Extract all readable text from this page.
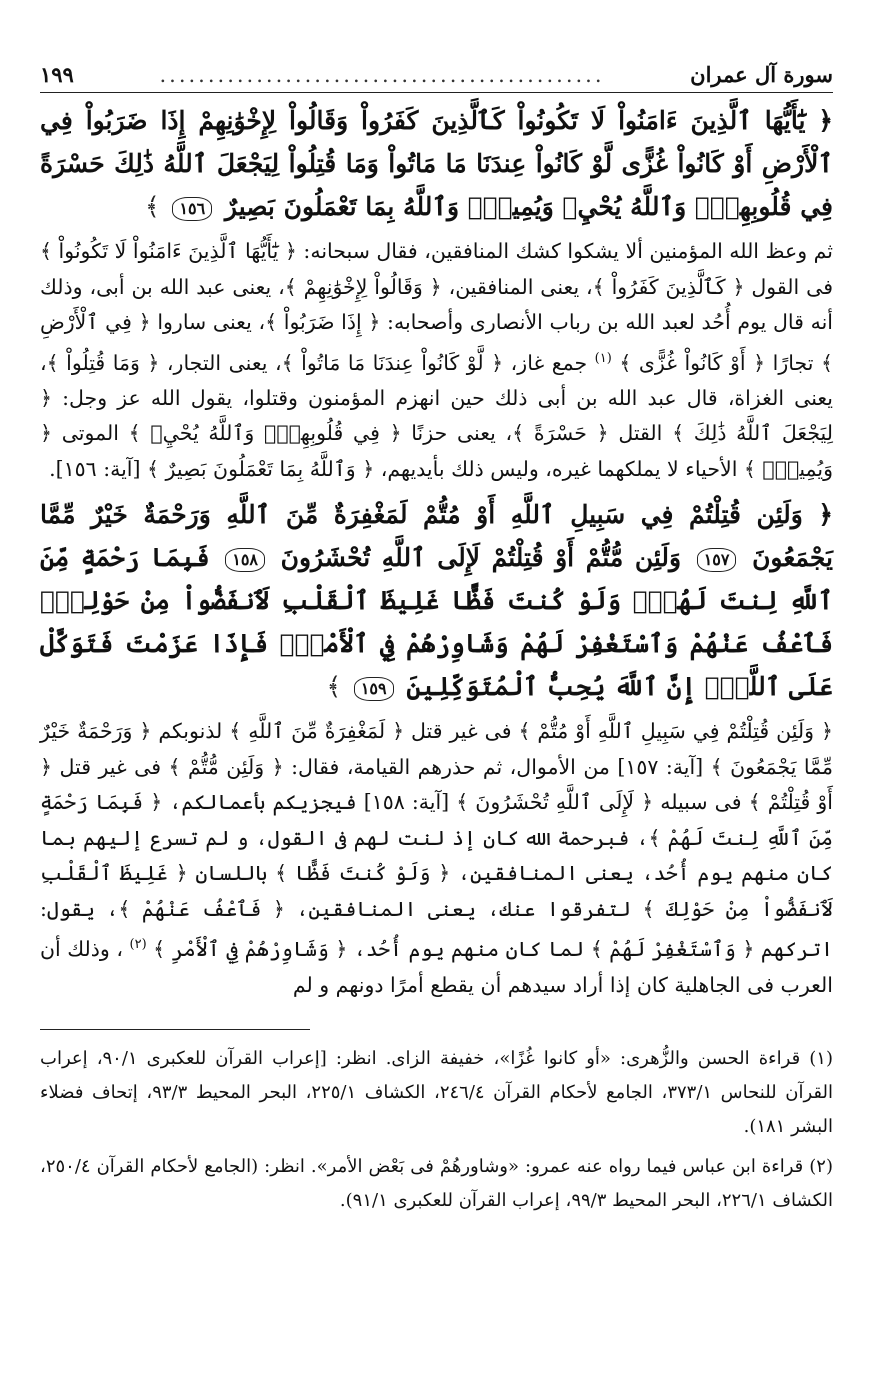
سورة آل عمران
..............................................
١٩٩
﴿ يَٰٓأَيُّهَا ٱلَّذِينَ ءَامَنُواْ لَا تَكُونُواْ كَٱلَّذِينَ كَفَرُواْ وَقَالُواْ لِإِخْوَٰنِهِمْ إِذَا ضَرَبُواْ فِي ٱلْأَرْضِ أَوْ كَانُواْ غُزًّى لَّوْ كَانُواْ عِندَنَا مَا مَاتُواْ وَمَا قُتِلُواْ لِيَجْعَلَ ٱللَّهُ ذَٰلِكَ حَسْرَةً فِي قُلُوبِهِمْۗ وَٱللَّهُ يُحْيِۦ وَيُمِيتُۗ وَٱللَّهُ بِمَا تَعْمَلُونَ بَصِيرٌ ١٥٦ ﴾

ثم وعظ الله المؤمنين ألا يشكوا كشك المنافقين، فقال سبحانه: ﴿ يَٰٓأَيُّهَا ٱلَّذِينَ ءَامَنُواْ لَا تَكُونُواْ ﴾ فى القول ﴿ كَٱلَّذِينَ كَفَرُواْ ﴾، يعنى المنافقين، ﴿ وَقَالُواْ لِإِخْوَٰنِهِمْ ﴾، يعنى عبد الله بن أبى، وذلك أنه قال يوم أُحُد لعبد الله بن رباب الأنصارى وأصحابه: ﴿ إِذَا ضَرَبُواْ ﴾، يعنى ساروا ﴿ فِي ٱلْأَرْضِ ﴾ تجارًا ﴿ أَوْ كَانُواْ غُزًّى ﴾ $^{(١)}$ جمع غاز، ﴿ لَّوْ كَانُواْ عِندَنَا مَا مَاتُواْ ﴾، يعنى التجار، ﴿ وَمَا قُتِلُواْ ﴾، يعنى الغزاة، قال عبد الله بن أبى ذلك حين انهزم المؤمنون وقتلوا، يقول الله عز وجل: ﴿ لِيَجْعَلَ ٱللَّهُ ذَٰلِكَ ﴾ القتل ﴿ حَسْرَةً ﴾، يعنى حزنًا ﴿ فِي قُلُوبِهِمْۗ وَٱللَّهُ يُحْيِۦ ﴾ الموتى ﴿ وَيُمِيتُۗ ﴾ الأحياء لا يملكهما غيره، وليس ذلك بأيديهم، ﴿ وَٱللَّهُ بِمَا تَعْمَلُونَ بَصِيرٌ ﴾ [آية: ١٥٦].

﴿ وَلَئِن قُتِلْتُمْ فِي سَبِيلِ ٱللَّهِ أَوْ مُتُّمْ لَمَغْفِرَةٌ مِّنَ ٱللَّهِ وَرَحْمَةٌ خَيْرٌ مِّمَّا يَجْمَعُونَ ١٥٧ وَلَئِن مُّتُّمْ أَوْ قُتِلْتُمْ لَإِلَى ٱللَّهِ تُحْشَرُونَ ١٥٨ فَبِمَا رَحْمَةٍ مِّنَ ٱللَّهِ لِنتَ لَهُمْۖ وَلَوْ كُنتَ فَظًّا غَلِيظَ ٱلْقَلْبِ لَٱنفَضُّواْ مِنْ حَوْلِكَۖ فَٱعْفُ عَنْهُمْ وَٱسْتَغْفِرْ لَهُمْ وَشَاوِرْهُمْ فِي ٱلْأَمْرِۖ فَإِذَا عَزَمْتَ فَتَوَكَّلْ عَلَى ٱللَّهِۚ إِنَّ ٱللَّهَ يُحِبُّ ٱلْمُتَوَكِّلِينَ ١٥٩ ﴾

﴿ وَلَئِن قُتِلْتُمْ فِي سَبِيلِ ٱللَّهِ أَوْ مُتُّمْ ﴾ فى غير قتل ﴿ لَمَغْفِرَةٌ مِّنَ ٱللَّهِ ﴾ لذنوبكم ﴿ وَرَحْمَةٌ خَيْرٌ مِّمَّا يَجْمَعُونَ ﴾ [آية: ١٥٧] من الأموال، ثم حذرهم القيامة، فقال: ﴿ وَلَئِن مُّتُّمْ ﴾ فى غير قتل ﴿ أَوْ قُتِلْتُمْ ﴾ فى سبيله ﴿ لَإِلَى ٱللَّهِ تُحْشَرُونَ ﴾ [آية: ١٥٨] فيجزيكم بأعمالكم، ﴿ فَبِمَا رَحْمَةٍ مِّنَ ٱللَّهِ لِنتَ لَهُمْ ﴾، فبرحمة الله كان إذ لنت لهم فى القول، و لم تسرع إليهم بما كان منهم يوم أُحُد، يعنى المنافقين، ﴿ وَلَوْ كُنتَ فَظًّا ﴾ باللسان ﴿ غَلِيظَ ٱلْقَلْبِ لَٱنفَضُّواْ مِنْ حَوْلِكَ ﴾ لتفرقوا عنك، يعنى المنافقين، ﴿ فَٱعْفُ عَنْهُمْ ﴾، يقول: اتركهم ﴿ وَٱسْتَغْفِرْ لَهُمْ ﴾ لما كان منهم يوم أُحُد، ﴿ وَشَاوِرْهُمْ فِي ٱلْأَمْرِ ﴾ $^{(٢)}$ ، وذلك أن العرب فى الجاهلية كان إذا أراد سيدهم أن يقطع أمرًا دونهم و لم

(١) قراءة الحسن والزُّهرى: «أو كانوا غُزًا»، خفيفة الزاى. انظر: [إعراب القرآن للعكبرى ٩٠/١، إعراب القرآن للنحاس ٣٧٣/١، الجامع لأحكام القرآن ٢٤٦/٤، الكشاف ٢٢٥/١، البحر المحيط ٩٣/٣، إتحاف فضلاء البشر ١٨١).

(٢) قراءة ابن عباس فيما رواه عنه عمرو: «وشاورهُمْ فى بَعْض الأمر». انظر: (الجامع لأحكام القرآن ٢٥٠/٤، الكشاف ٢٢٦/١، البحر المحيط ٩٩/٣، إعراب القرآن للعكبرى ٩١/١).
